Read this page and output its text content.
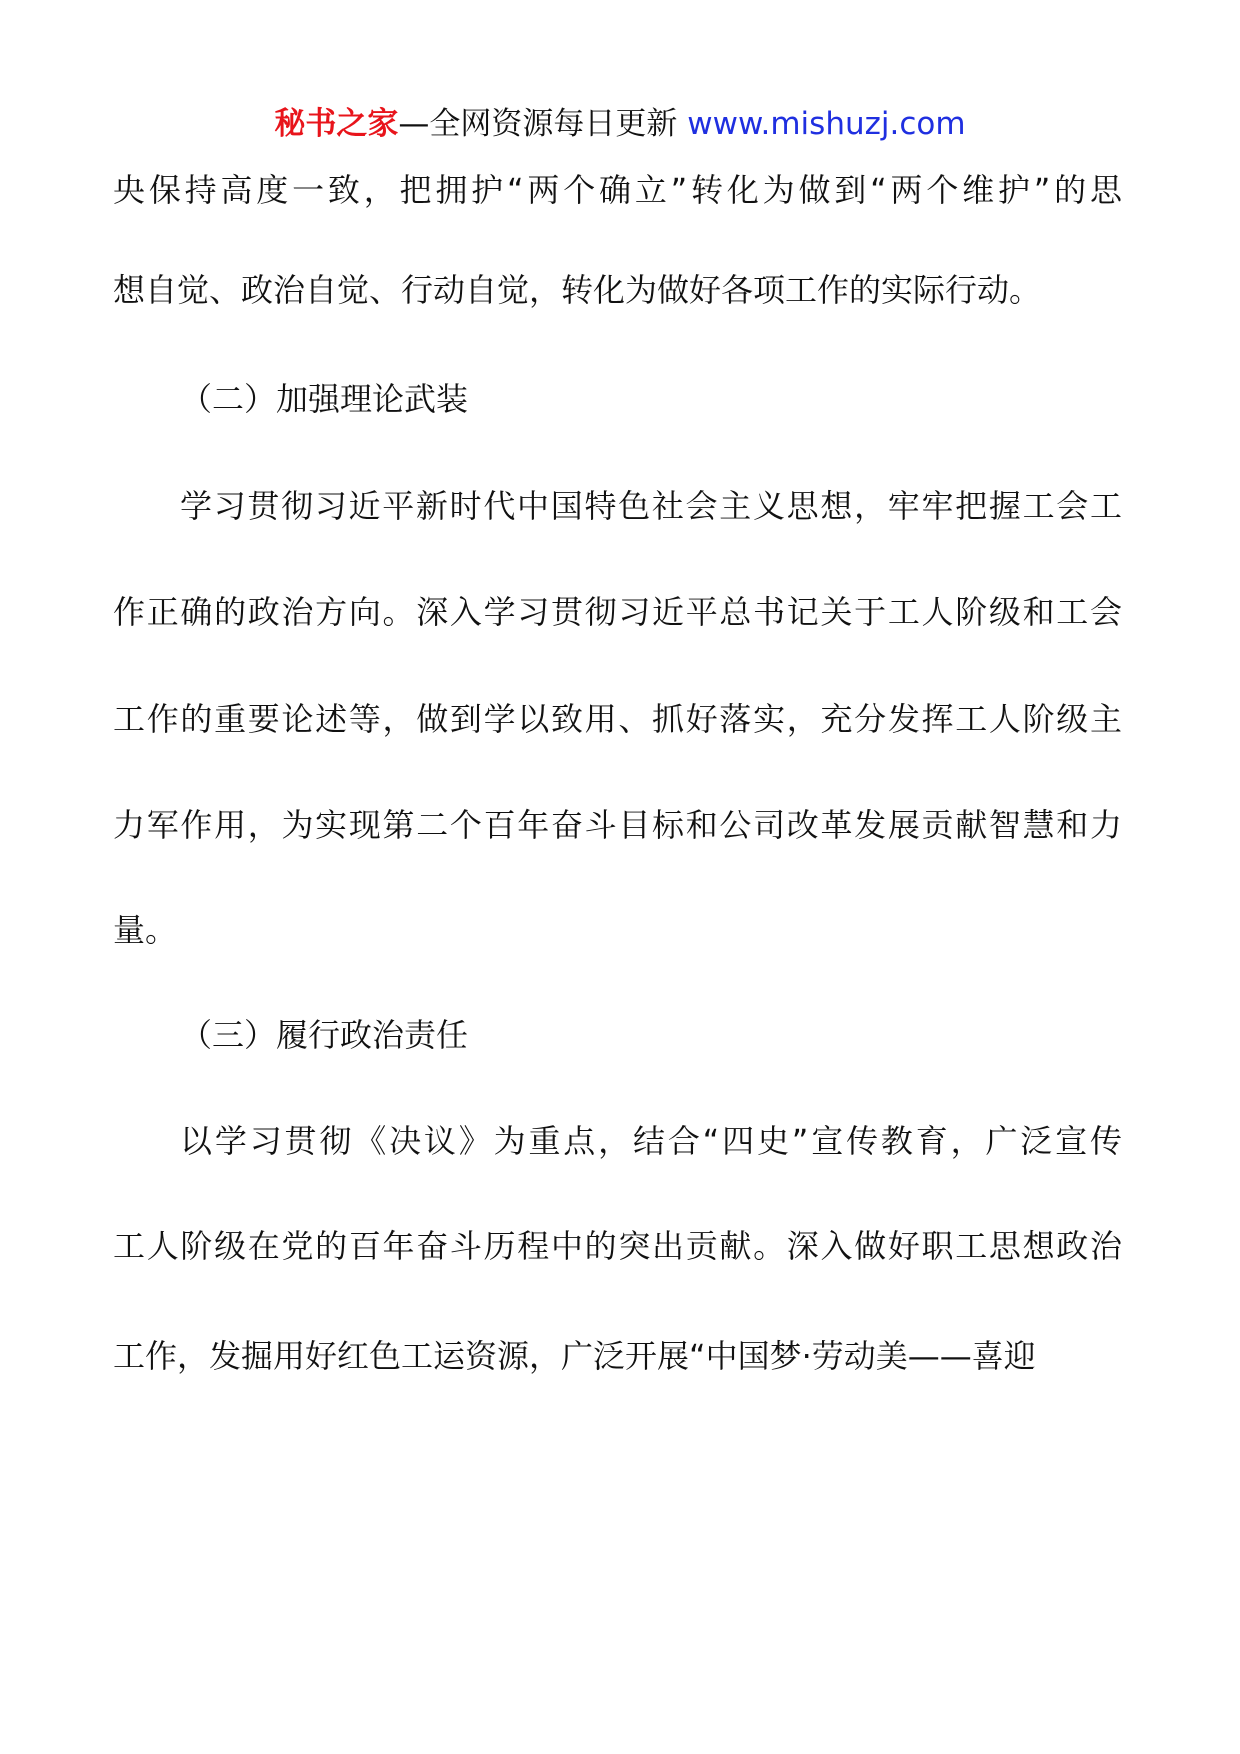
秘书之家—全网资源每日更新 www.mishuzj.com
央保持高度一致，把拥护“两个确立”转化为做到“两个维护”的思
想自觉、政治自觉、行动自觉，转化为做好各项工作的实际行动。
（二）加强理论武装
学习贯彻习近平新时代中国特色社会主义思想，牢牢把握工会工
作正确的政治方向。深入学习贯彻习近平总书记关于工人阶级和工会
工作的重要论述等，做到学以致用、抓好落实，充分发挥工人阶级主
力军作用，为实现第二个百年奋斗目标和公司改革发展贡献智慧和力
量。
（三）履行政治责任
以学习贯彻《决议》为重点，结合“四史”宣传教育，广泛宣传
工人阶级在党的百年奋斗历程中的突出贡献。深入做好职工思想政治
工作，发掘用好红色工运资源，广泛开展“中国梦·劳动美——喜迎
